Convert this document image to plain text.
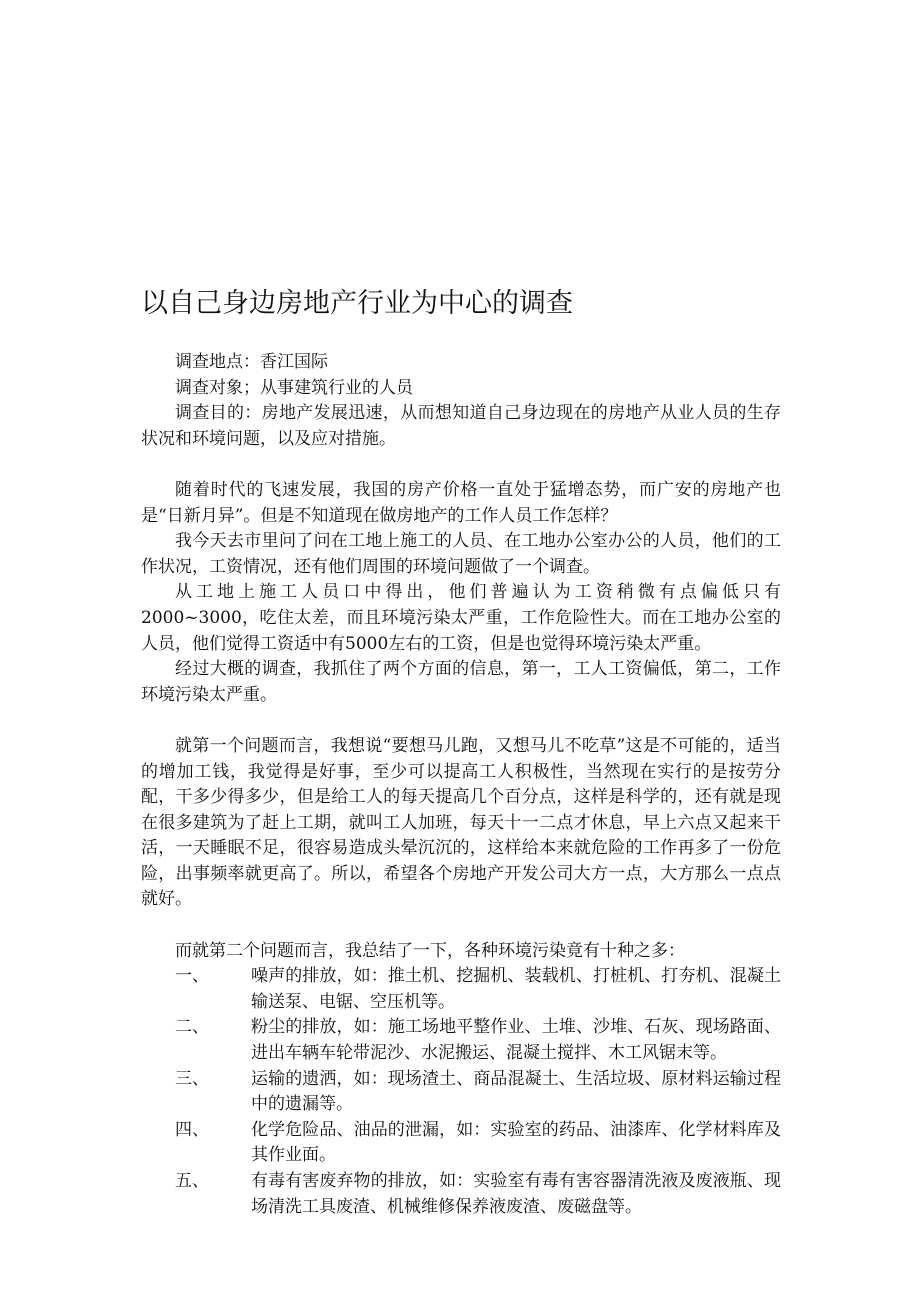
以自己身边房地产行业为中心的调查

调查地点：香江国际

调查对象；从事建筑行业的人员

调查目的：房地产发展迅速，从而想知道自己身边现在的房地产从业人员的生存状况和环境问题，以及应对措施。

随着时代的飞速发展，我国的房产价格一直处于猛增态势，而广安的房地产也是“日新月异”。但是不知道现在做房地产的工作人员工作怎样？

我今天去市里问了问在工地上施工的人员、在工地办公室办公的人员，他们的工作状况，工资情况，还有他们周围的环境问题做了一个调查。

从工地上施工人员口中得出，他们普遍认为工资稍微有点偏低只有2000~3000，吃住太差，而且环境污染太严重，工作危险性大。而在工地办公室的人员，他们觉得工资适中有5000左右的工资，但是也觉得环境污染太严重。

经过大概的调查，我抓住了两个方面的信息，第一，工人工资偏低，第二，工作环境污染太严重。

就第一个问题而言，我想说“要想马儿跑，又想马儿不吃草”这是不可能的，适当的增加工钱，我觉得是好事，至少可以提高工人积极性，当然现在实行的是按劳分配，干多少得多少，但是给工人的每天提高几个百分点，这样是科学的，还有就是现在很多建筑为了赶上工期，就叫工人加班，每天十一二点才休息，早上六点又起来干活，一天睡眠不足，很容易造成头晕沉沉的，这样给本来就危险的工作再多了一份危险，出事频率就更高了。所以，希望各个房地产开发公司大方一点，大方那么一点点就好。

而就第二个问题而言，我总结了一下，各种环境污染竟有十种之多：

一、	噪声的排放，如：推土机、挖掘机、装载机、打桩机、打夯机、混凝土输送泵、电锯、空压机等。
二、	粉尘的排放，如：施工场地平整作业、土堆、沙堆、石灰、现场路面、进出车辆车轮带泥沙、水泥搬运、混凝土搅拌、木工风锯末等。
三、	运输的遗洒，如：现场渣土、商品混凝土、生活垃圾、原材料运输过程中的遗漏等。
四、	化学危险品、油品的泄漏，如：实验室的药品、油漆库、化学材料库及其作业面。
五、	有毒有害废弃物的排放，如：实验室有毒有害容器清洗液及废液瓶、现场清洗工具废渣、机械维修保养液废渣、废磁盘等。
